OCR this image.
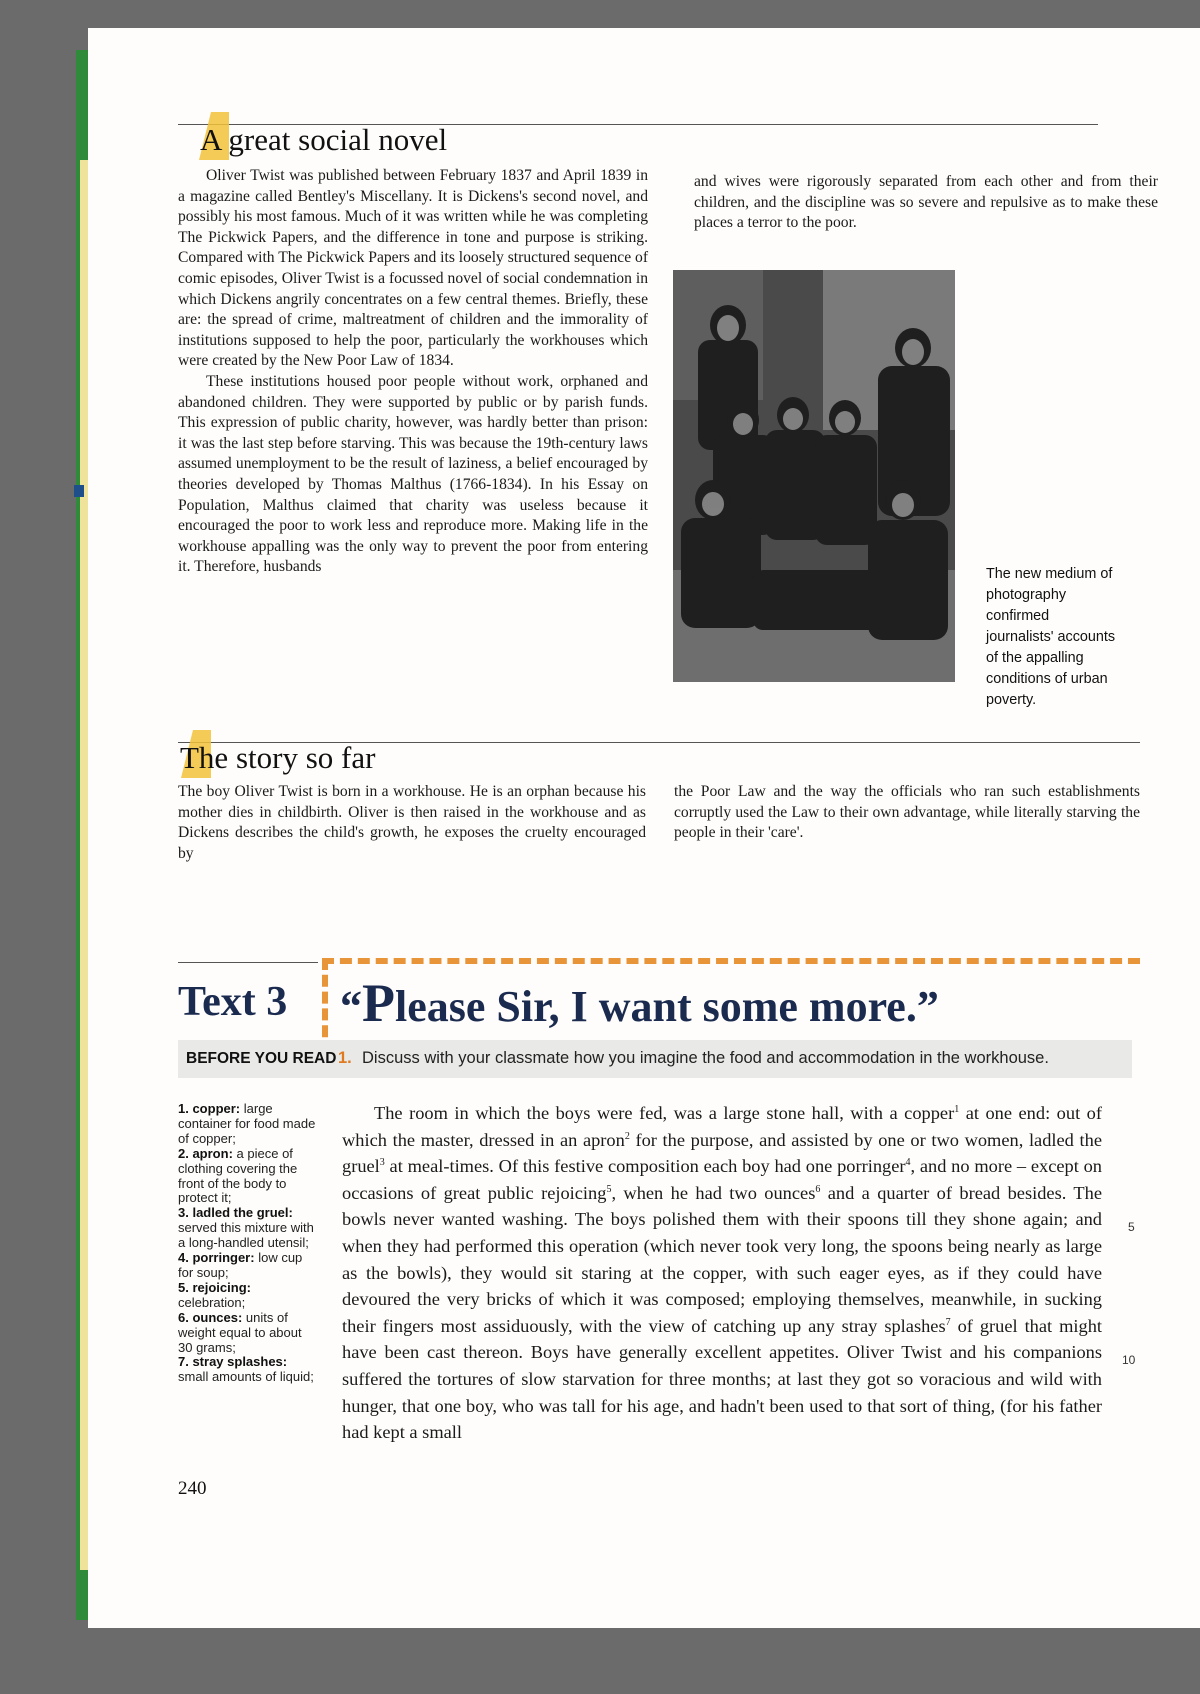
A great social novel

Oliver Twist was published between February 1837 and April 1839 in a magazine called Bentley's Miscellany. It is Dickens's second novel, and possibly his most famous. Much of it was written while he was completing The Pickwick Papers, and the difference in tone and purpose is striking. Compared with The Pickwick Papers and its loosely structured sequence of comic episodes, Oliver Twist is a focussed novel of social condemnation in which Dickens angrily concentrates on a few central themes. Briefly, these are: the spread of crime, maltreatment of children and the immorality of institutions supposed to help the poor, particularly the workhouses which were created by the New Poor Law of 1834.

These institutions housed poor people without work, orphaned and abandoned children. They were supported by public or by parish funds. This expression of public charity, however, was hardly better than prison: it was the last step before starving. This was because the 19th-century laws assumed unemployment to be the result of laziness, a belief encouraged by theories developed by Thomas Malthus (1766-1834). In his Essay on Population, Malthus claimed that charity was useless because it encouraged the poor to work less and reproduce more. Making life in the workhouse appalling was the only way to prevent the poor from entering it. Therefore, husbands

and wives were rigorously separated from each other and from their children, and the discipline was so severe and repulsive as to make these places a terror to the poor.

The new medium of photography confirmed journalists' accounts of the appalling conditions of urban poverty.
The story so far

The boy Oliver Twist is born in a workhouse. He is an orphan because his mother dies in childbirth. Oliver is then raised in the workhouse and as Dickens describes the child's growth, he exposes the cruelty encouraged by

the Poor Law and the way the officials who ran such establishments corruptly used the Law to their own advantage, while literally starving the people in their 'care'.

Text 3 “Please Sir, I want some more.”
BEFORE YOU READ 1. Discuss with your classmate how you imagine the food and accommodation in the workhouse.

1. copper: large container for food made of copper;

2. apron: a piece of clothing covering the front of the body to protect it;

3. ladled the gruel: served this mixture with a long-handled utensil;

4. porringer: low cup for soup;

5. rejoicing: celebration;

6. ounces: units of weight equal to about 30 grams;

7. stray splashes: small amounts of liquid;

240

The room in which the boys were fed, was a large stone hall, with a copper$^1$ at one end: out of which the master, dressed in an apron$^2$ for the purpose, and assisted by one or two women, ladled the gruel$^3$ at meal-times. Of this festive composition each boy had one porringer$^4$, and no more – except on occasions of great public rejoicing$^5$, when he had two ounces$^6$ and a quarter of bread besides. The bowls never wanted washing. The boys polished them with their spoons till they shone again; and when they had performed this operation (which never took very long, the spoons being nearly as large as the bowls), they would sit staring at the copper, with such eager eyes, as if they could have devoured the very bricks of which it was composed; employing themselves, meanwhile, in sucking their fingers most assiduously, with the view of catching up any stray splashes$^7$ of gruel that might have been cast thereon. Boys have generally excellent appetites. Oliver Twist and his companions suffered the tortures of slow starvation for three months; at last they got so voracious and wild with hunger, that one boy, who was tall for his age, and hadn't been used to that sort of thing, (for his father had kept a small

5
10
